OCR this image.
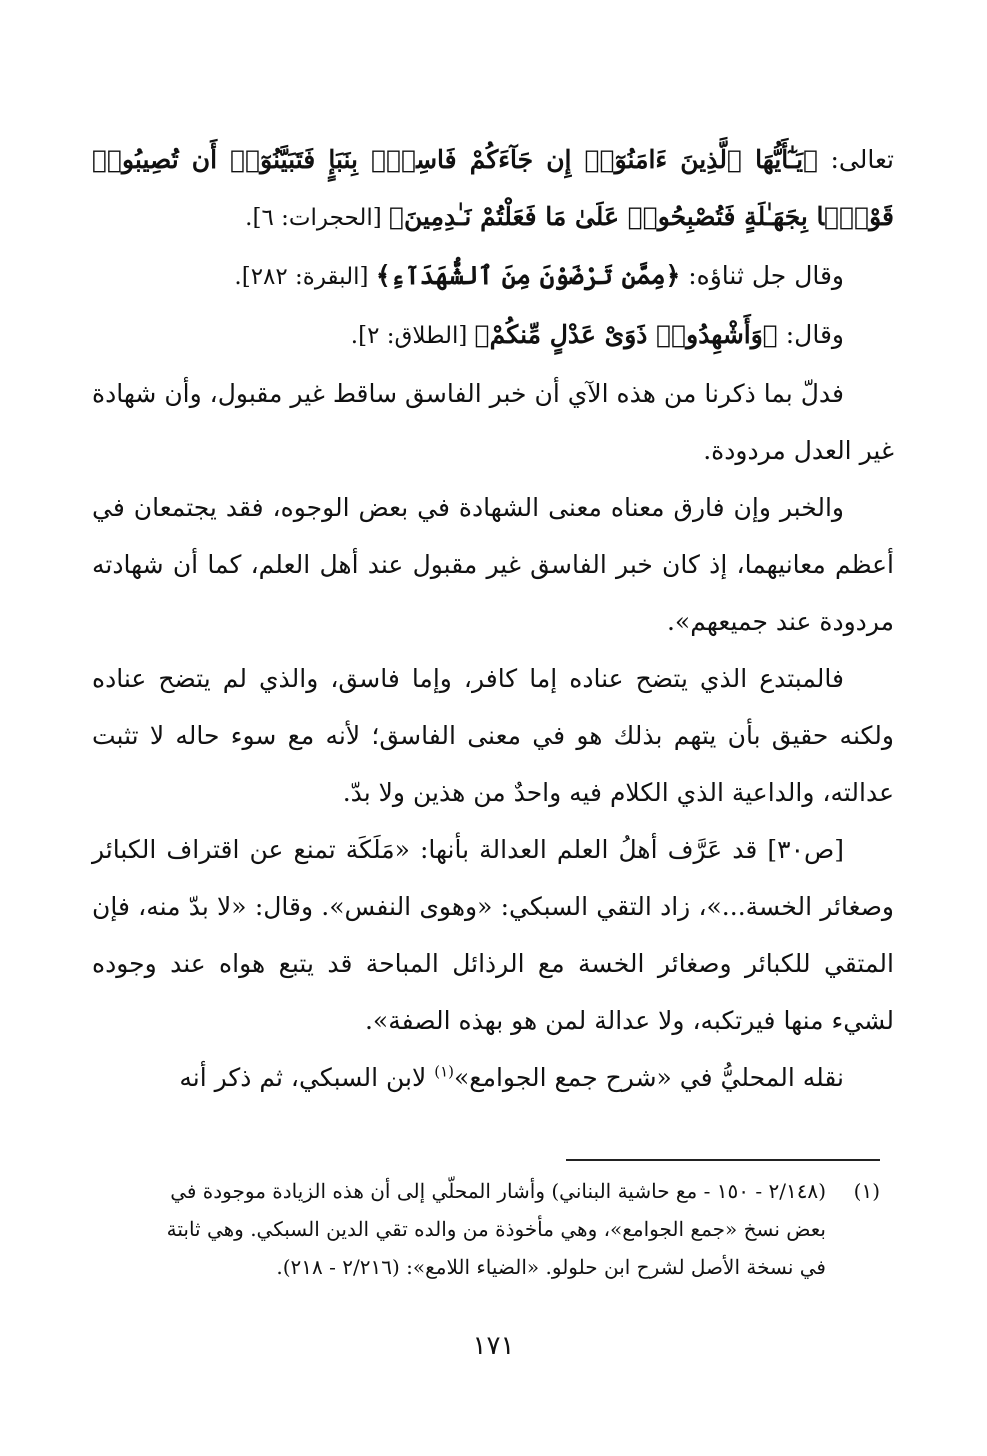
تعالى: ﴿يَـٰٓأَيُّهَا ٱلَّذِينَ ءَامَنُوٓا۟ إِن جَآءَكُمْ فَاسِقٌۢ بِنَبَإٍ فَتَبَيَّنُوٓا۟ أَن تُصِيبُوا۟ قَوْمًۢا بِجَهَـٰلَةٍ فَتُصْبِحُوا۟ عَلَىٰ مَا فَعَلْتُمْ نَـٰدِمِينَ﴾ [الحجرات: ٦].

وقال جل ثناؤه: ﴿مِمَّن تَرْضَوْنَ مِنَ ٱلشُّهَدَآءِ﴾ [البقرة: ٢٨٢].

وقال: ﴿وَأَشْهِدُوا۟ ذَوَىْ عَدْلٍ مِّنكُمْ﴾ [الطلاق: ٢].

فدلّ بما ذكرنا من هذه الآي أن خبر الفاسق ساقط غير مقبول، وأن شهادة غير العدل مردودة.

والخبر وإن فارق معناه معنى الشهادة في بعض الوجوه، فقد يجتمعان في أعظم معانيهما، إذ كان خبر الفاسق غير مقبول عند أهل العلم، كما أن شهادته مردودة عند جميعهم».

فالمبتدع الذي يتضح عناده إما كافر، وإما فاسق، والذي لم يتضح عناده ولكنه حقيق بأن يتهم بذلك هو في معنى الفاسق؛ لأنه مع سوء حاله لا تثبت عدالته، والداعية الذي الكلام فيه واحدٌ من هذين ولا بدّ.

[ص٣٠] قد عَرَّف أهلُ العلم العدالة بأنها: «مَلَكَة تمنع عن اقتراف الكبائر وصغائر الخسة...»، زاد التقي السبكي: «وهوى النفس». وقال: «لا بدّ منه، فإن المتقي للكبائر وصغائر الخسة مع الرذائل المباحة قد يتبع هواه عند وجوده لشيء منها فيرتكبه، ولا عدالة لمن هو بهذه الصفة».

نقله المحليُّ في «شرح جمع الجوامع»$^{(١)}$ لابن السبكي، ثم ذكر أنه

(١)(٢/١٤٨ - ١٥٠ - مع حاشية البناني) وأشار المحلّي إلى أن هذه الزيادة موجودة في

بعض نسخ «جمع الجوامع»، وهي مأخوذة من والده تقي الدين السبكي. وهي ثابتة

في نسخة الأصل لشرح ابن حلولو. «الضياء اللامع»: (٢/٢١٦ - ٢١٨).

١٧١
